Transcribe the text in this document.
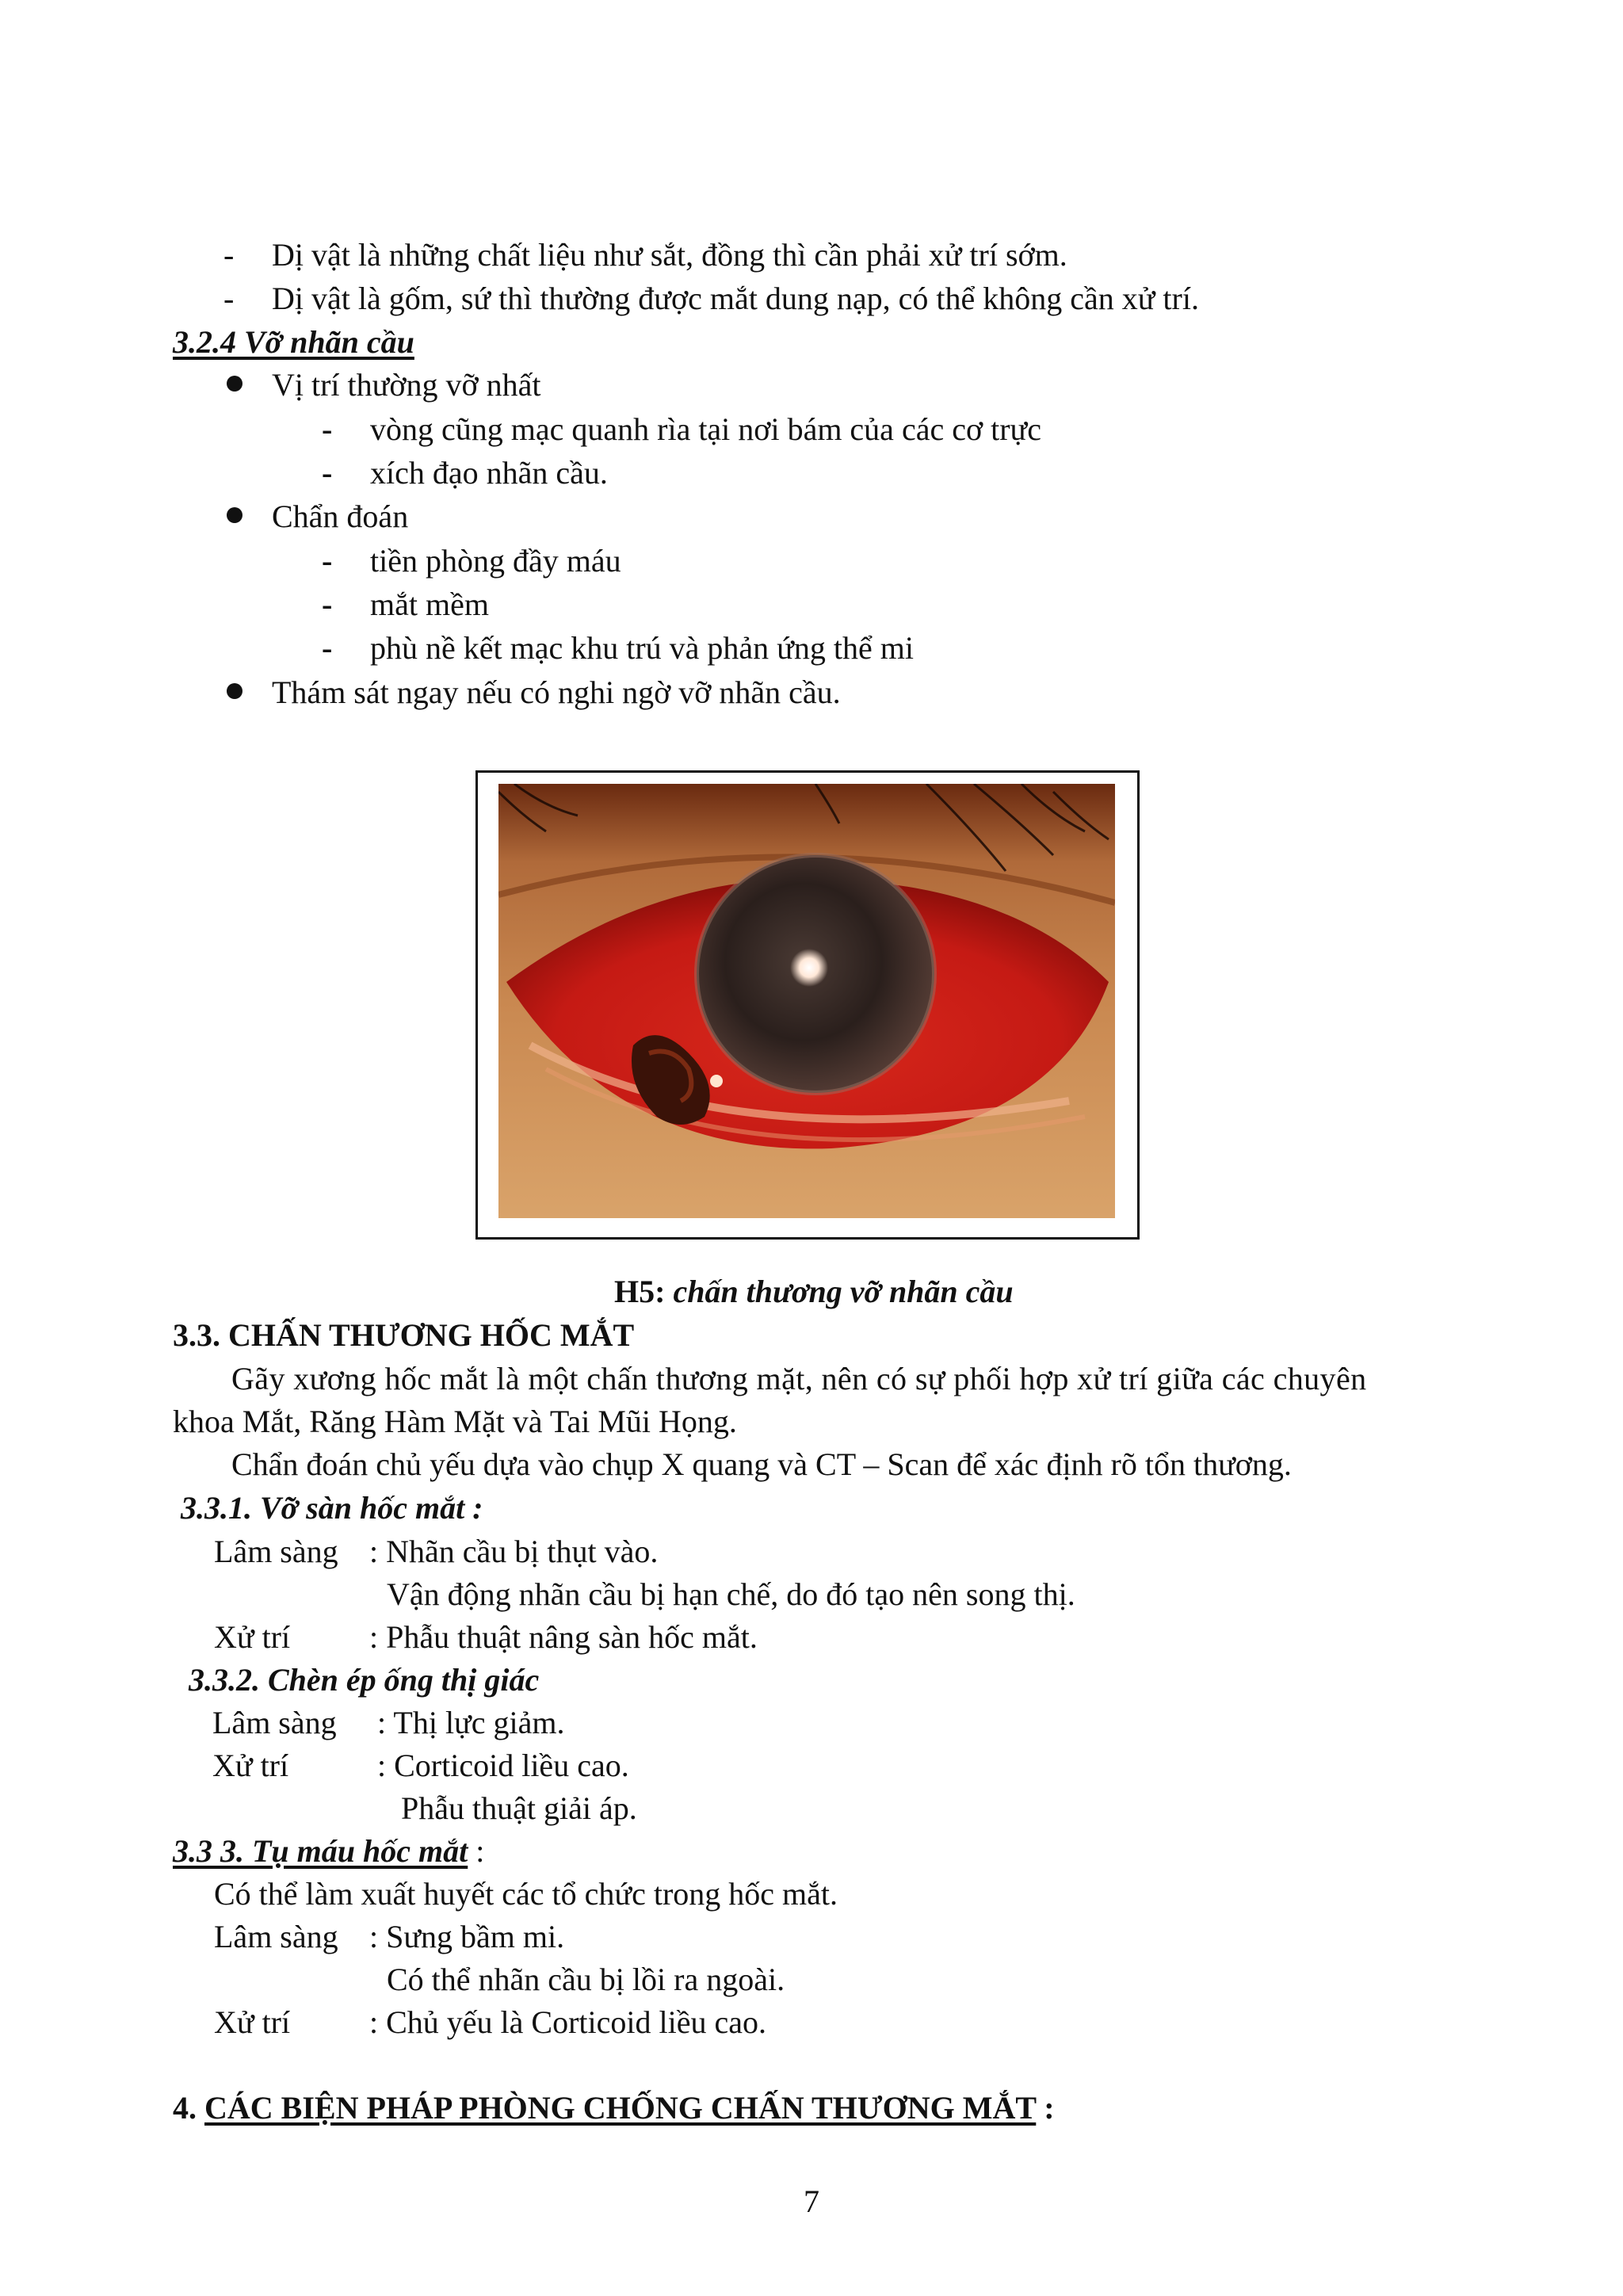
- Dị vật là những chất liệu như sắt, đồng thì cần phải xử trí sớm.
- Dị vật là gốm, sứ thì thường được mắt dung nạp, có thể không cần xử trí.
3.2.4 Vỡ nhãn cầu
Vị trí thường vỡ nhất
- vòng cũng mạc quanh rìa tại nơi bám của các cơ trực
- xích đạo nhãn cầu.
Chẩn đoán
- tiền phòng đầy máu
- mắt mềm
- phù nề kết mạc khu trú và phản ứng thể mi
Thám sát ngay nếu có nghi ngờ vỡ nhãn cầu.
H5: chấn thương vỡ nhãn cầu
3.3. CHẤN THƯƠNG HỐC MẮT
Gãy xương hốc mắt là một chấn thương mặt, nên có sự phối hợp xử trí giữa các chuyên
khoa Mắt, Răng Hàm Mặt và Tai Mũi Họng.
Chẩn đoán chủ yếu dựa vào chụp X quang và CT – Scan để xác định rõ tổn thương.
3.3.1. Vỡ sàn hốc mắt :
Lâm sàng : Nhãn cầu bị thụt vào.
Vận động nhãn cầu bị hạn chế, do đó tạo nên song thị.
Xử trí : Phẫu thuật nâng sàn hốc mắt.
3.3.2. Chèn ép ống thị giác
Lâm sàng : Thị lực giảm.
Xử trí	: Corticoid liều cao.
Phẫu thuật giải áp.
3.3 3. Tụ máu hốc mắt :
Có thể làm xuất huyết các tổ chức trong hốc mắt.
Lâm sàng : Sưng bầm mi.
Có thể nhãn cầu bị lồi ra ngoài.
Xử trí : Chủ yếu là Corticoid liều cao.
4. CÁC BIỆN PHÁP PHÒNG CHỐNG CHẤN THƯƠNG MẮT :
7
